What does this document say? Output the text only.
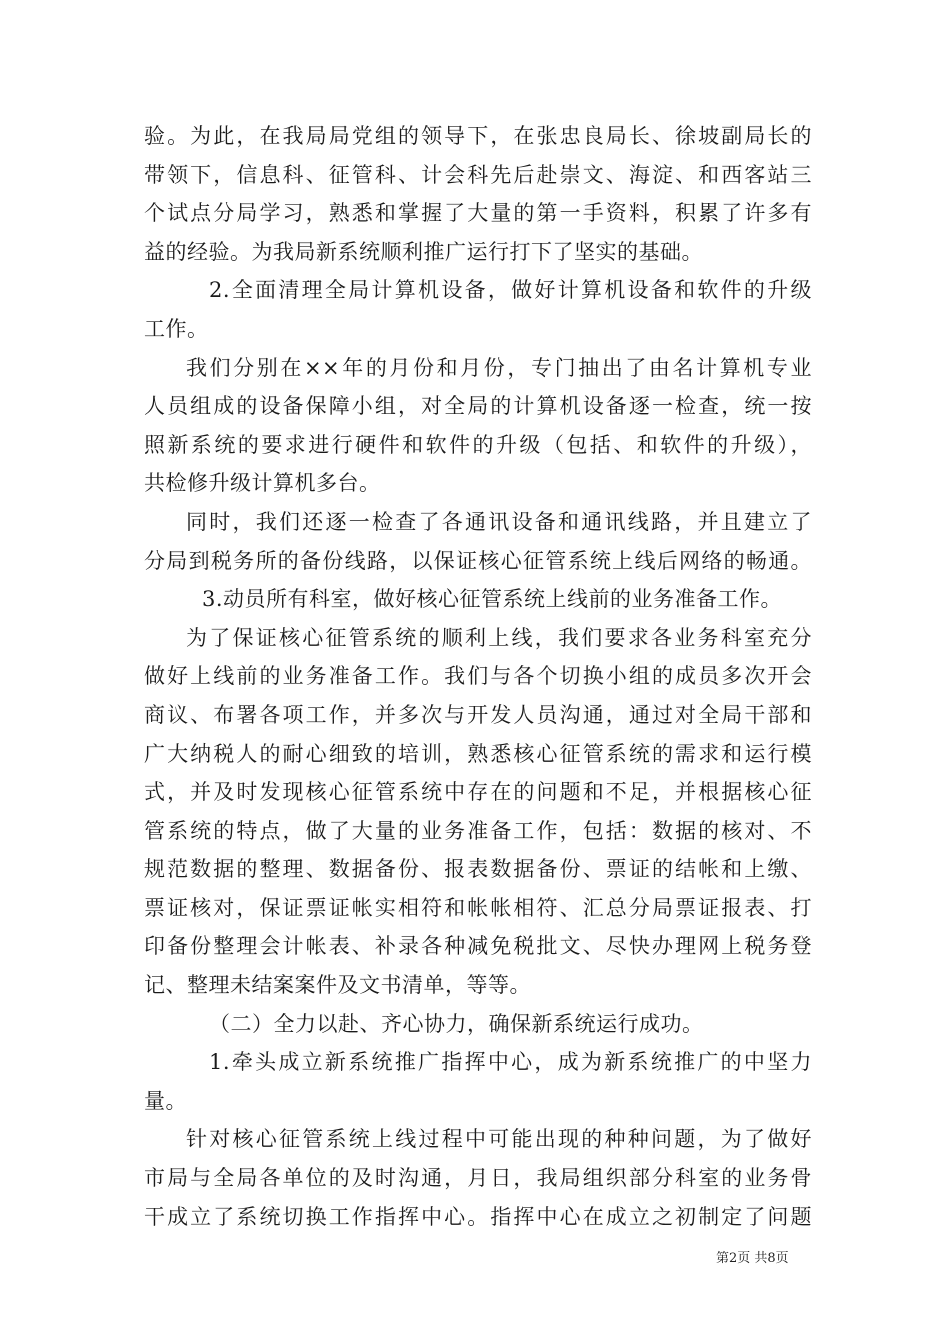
验。为此，在我局局党组的领导下，在张忠良局长、徐坡副局长的
带领下，信息科、征管科、计会科先后赴崇文、海淀、和西客站三
个试点分局学习，熟悉和掌握了大量的第一手资料，积累了许多有
益的经验。为我局新系统顺利推广运行打下了坚实的基础。
2.全面清理全局计算机设备，做好计算机设备和软件的升级
工作。
我们分别在××年的月份和月份，专门抽出了由名计算机专业
人员组成的设备保障小组，对全局的计算机设备逐一检查，统一按
照新系统的要求进行硬件和软件的升级（包括、和软件的升级），
共检修升级计算机多台。
同时，我们还逐一检查了各通讯设备和通讯线路，并且建立了
分局到税务所的备份线路，以保证核心征管系统上线后网络的畅通。
3.动员所有科室，做好核心征管系统上线前的业务准备工作。
为了保证核心征管系统的顺利上线，我们要求各业务科室充分
做好上线前的业务准备工作。我们与各个切换小组的成员多次开会
商议、布署各项工作，并多次与开发人员沟通，通过对全局干部和
广大纳税人的耐心细致的培训，熟悉核心征管系统的需求和运行模
式，并及时发现核心征管系统中存在的问题和不足，并根据核心征
管系统的特点，做了大量的业务准备工作，包括：数据的核对、不
规范数据的整理、数据备份、报表数据备份、票证的结帐和上缴、
票证核对，保证票证帐实相符和帐帐相符、汇总分局票证报表、打
印备份整理会计帐表、补录各种减免税批文、尽快办理网上税务登
记、整理未结案案件及文书清单，等等。
（二）全力以赴、齐心协力，确保新系统运行成功。
1.牵头成立新系统推广指挥中心，成为新系统推广的中坚力
量。
针对核心征管系统上线过程中可能出现的种种问题，为了做好
市局与全局各单位的及时沟通，月日，我局组织部分科室的业务骨
干成立了系统切换工作指挥中心。指挥中心在成立之初制定了问题
第2页 共8页
